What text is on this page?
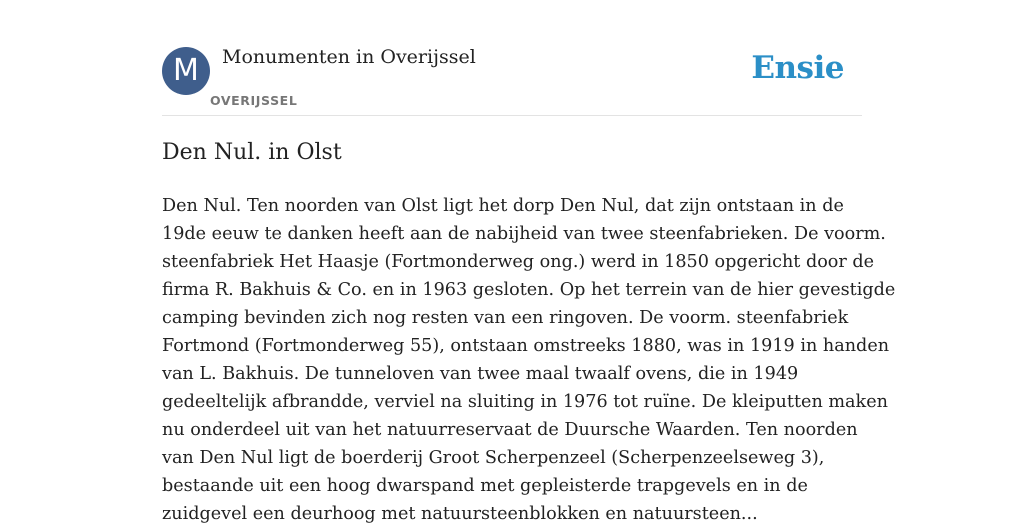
M	Monumenten in Overijssel
OVERIJSSEL
Ensie
Den Nul. in Olst
Den Nul. Ten noorden van Olst ligt het dorp Den Nul, dat zijn ontstaan in de
19de eeuw te danken heeft aan de nabijheid van twee steenfabrieken. De voorm.
steenfabriek Het Haasje (Fortmonderweg ong.) werd in 1850 opgericht door de
firma R. Bakhuis & Co. en in 1963 gesloten. Op het terrein van de hier gevestigde
camping bevinden zich nog resten van een ringoven. De voorm. steenfabriek
Fortmond (Fortmonderweg 55), ontstaan omstreeks 1880, was in 1919 in handen
van L. Bakhuis. De tunneloven van twee maal twaalf ovens, die in 1949
gedeeltelijk afbrandde, verviel na sluiting in 1976 tot ruïne. De kleiputten maken
nu onderdeel uit van het natuurreservaat de Duursche Waarden. Ten noorden
van Den Nul ligt de boerderij Groot Scherpenzeel (Scherpenzeelseweg 3),
bestaande uit een hoog dwarspand met gepleisterde trapgevels en in de
zuidgevel een deurhoog met natuursteenblokken en natuursteen...
